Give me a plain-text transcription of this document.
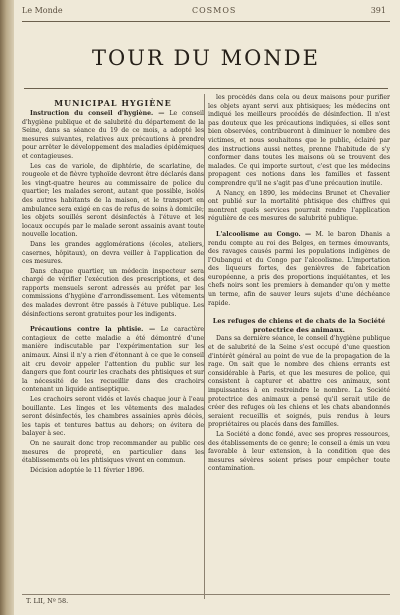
Le Monde	COSMOS	391
TOUR DU MONDE
MUNICIPAL HYGIÈNE

Instruction du conseil d'hygiène. — Le conseil d'hygiène publique et de salubrité du département de la Seine, dans sa séance du 19 de ce mois, a adopté les mesures suivantes, relatives aux précautions à prendre pour arrêter le développement des maladies épidémiques et contagieuses.

Les cas de variole, de diphtérie, de scarlatine, de rougeole et de fièvre typhoïde devront être déclarés dans les vingt-quatre heures au commissaire de police du quartier; les malades seront, autant que possible, isolés des autres habitants de la maison, et le transport en ambulance sera exigé en cas de refus de soins à domicile; les objets souillés seront désinfectés à l'étuve et les locaux occupés par le malade seront assainis avant toute nouvelle location.

Dans les grandes agglomérations (écoles, ateliers, casernes, hôpitaux), on devra veiller à l'application de ces mesures.

Dans chaque quartier, un médecin inspecteur sera chargé de vérifier l'exécution des prescriptions, et des rapports mensuels seront adressés au préfet par les commissions d'hygiène d'arrondissement. Les vêtements des malades devront être passés à l'étuve publique. Les désinfections seront gratuites pour les indigents.

Précautions contre la phtisie. — Le caractère contagieux de cette maladie a été démontré d'une manière indiscutable par l'expérimentation sur les animaux. Ainsi il n'y a rien d'étonnant à ce que le conseil ait cru devoir appeler l'attention du public sur les dangers que font courir les crachats des phtisiques et sur la nécessité de les recueillir dans des crachoirs contenant un liquide antiseptique.

Les crachoirs seront vidés et lavés chaque jour à l'eau bouillante. Les linges et les vêtements des malades seront désinfectés, les chambres assainies après décès, les tapis et tentures battus au dehors; on évitera de balayer à sec.

On ne saurait donc trop recommander au public ces mesures de propreté, en particulier dans les établissements où les phtisiques vivent en commun.

Décision adoptée le 11 février 1896.

les procédés dans cela ou deux maisons pour purifier les objets ayant servi aux phtisiques; les médecins ont indiqué les meilleurs procédés de désinfection. Il n'est pas douteux que les précautions indiquées, si elles sont bien observées, contribueront à diminuer le nombre des victimes, et nous souhaitons que le public, éclairé par des instructions aussi nettes, prenne l'habitude de s'y conformer dans toutes les maisons où se trouvent des malades. Ce qui importe surtout, c'est que les médecins propagent ces notions dans les familles et fassent comprendre qu'il ne s'agit pas d'une précaution inutile.

A Nancy, en 1890, les médecins Brunet et Chevalier ont publié sur la mortalité phtisique des chiffres qui montrent quels services pourrait rendre l'application régulière de ces mesures de salubrité publique.

L'alcoolisme au Congo. — M. le baron Dhanis a rendu compte au roi des Belges, en termes émouvants, des ravages causés parmi les populations indigènes de l'Oubangui et du Congo par l'alcoolisme. L'importation des liqueurs fortes, des genièvres de fabrication européenne, a pris des proportions inquiétantes, et les chefs noirs sont les premiers à demander qu'on y mette un terme, afin de sauver leurs sujets d'une déchéance rapide.

Les refuges de chiens et de chats de la Société protectrice des animaux.

Dans sa dernière séance, le conseil d'hygiène publique et de salubrité de la Seine s'est occupé d'une question d'intérêt général au point de vue de la propagation de la rage. On sait que le nombre des chiens errants est considérable à Paris, et que les mesures de police, qui consistent à capturer et abattre ces animaux, sont impuissantes à en restreindre le nombre. La Société protectrice des animaux a pensé qu'il serait utile de créer des refuges où les chiens et les chats abandonnés seraient recueillis et soignés, puis rendus à leurs propriétaires ou placés dans des familles.

La Société a donc fondé, avec ses propres ressources, des établissements de ce genre; le conseil a émis un vœu favorable à leur extension, à la condition que des mesures sévères soient prises pour empêcher toute contamination.

T. LII, Nº 58.
